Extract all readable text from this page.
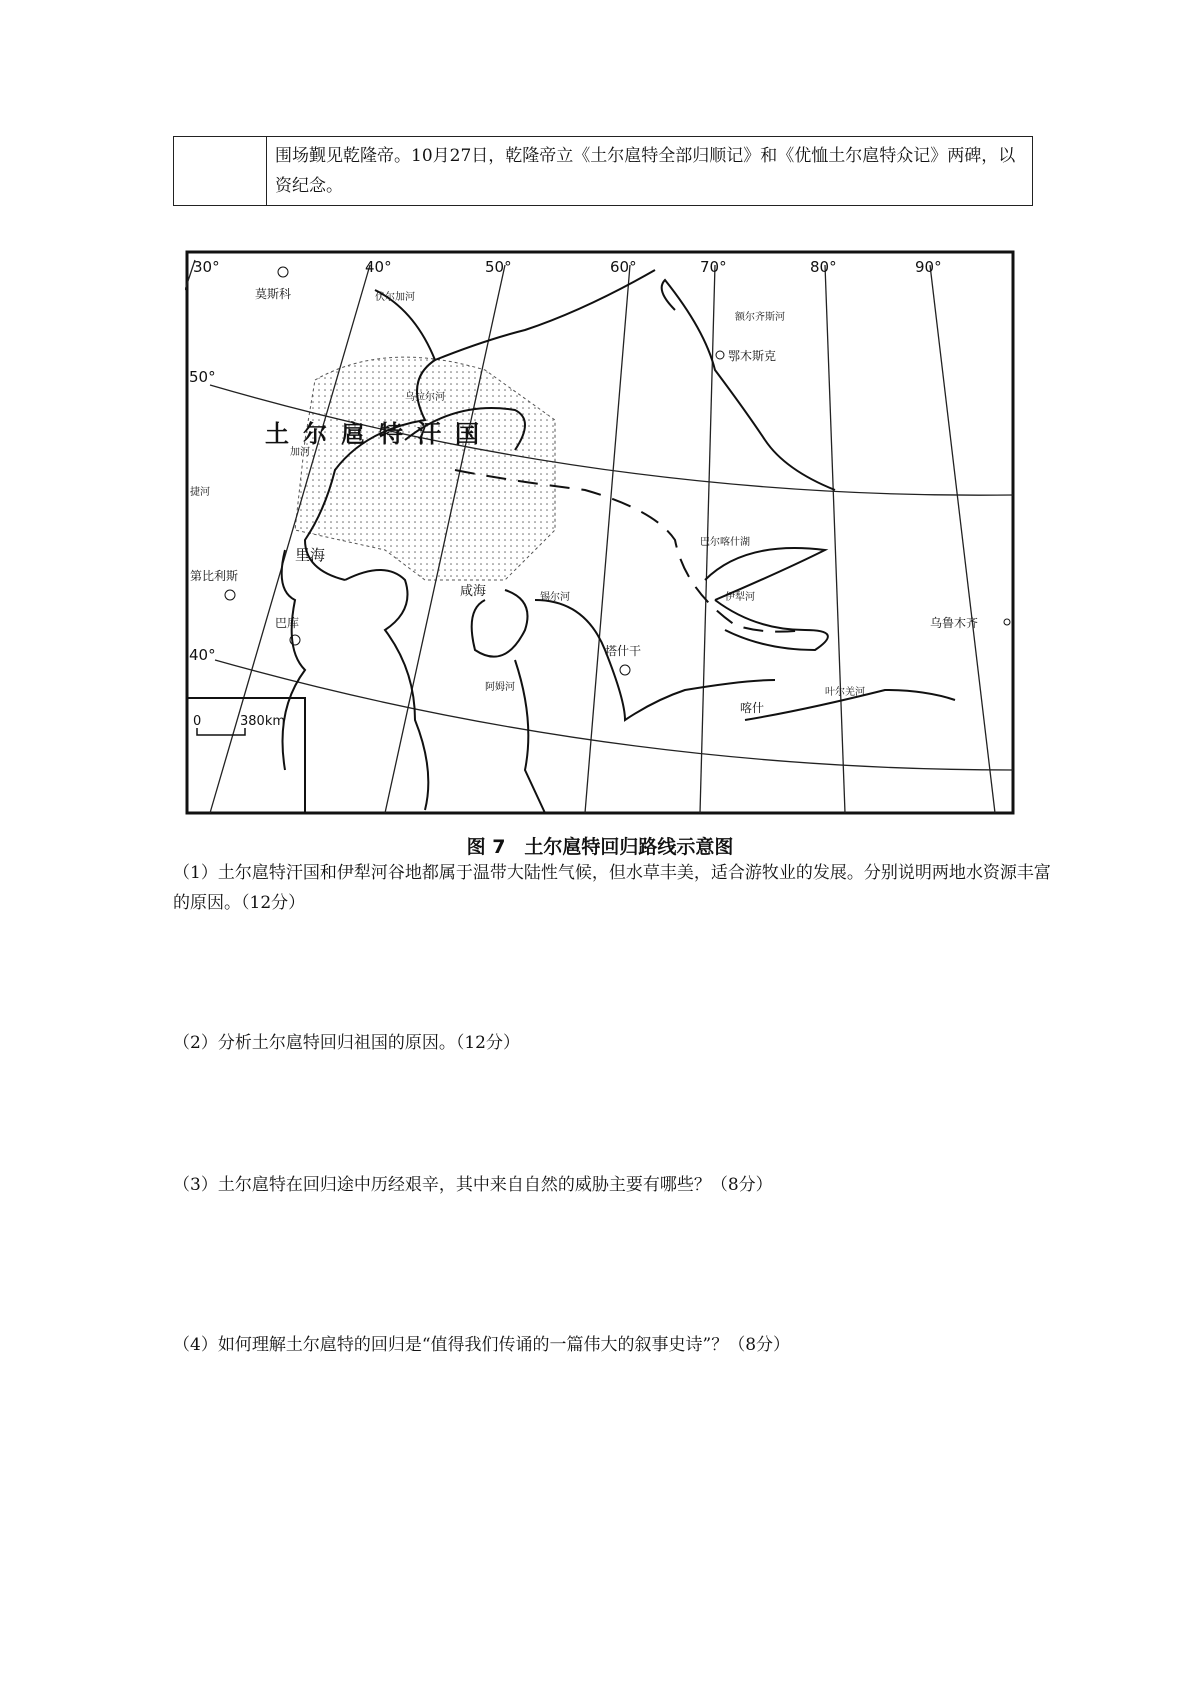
	围场觐见乾隆帝。10月27日，乾隆帝立《土尔扈特全部归顺记》和《优恤土尔扈特众记》两碑，以资纪念。
30°	40°	50°	60°	70°	80°	90°
50°
40°
土尔扈特汗国
莫斯科
第比利斯
巴库
塔什干
乌鲁木齐
喀什
鄂木斯克
伏尔加河
加河
乌拉尔河
里海
咸海	锡尔河
阿姆河
巴尔喀什湖
伊犁河
额尔齐斯河
叶尔羌河
捷河
0	380km
图 7　土尔扈特回归路线示意图
（1）土尔扈特汗国和伊犁河谷地都属于温带大陆性气候，但水草丰美，适合游牧业的发展。分别说明两地水资源丰富的原因。（12分）
（2）分析土尔扈特回归祖国的原因。（12分）
（3）土尔扈特在回归途中历经艰辛，其中来自自然的威胁主要有哪些？（8分）
（4）如何理解土尔扈特的回归是“值得我们传诵的一篇伟大的叙事史诗”？（8分）
